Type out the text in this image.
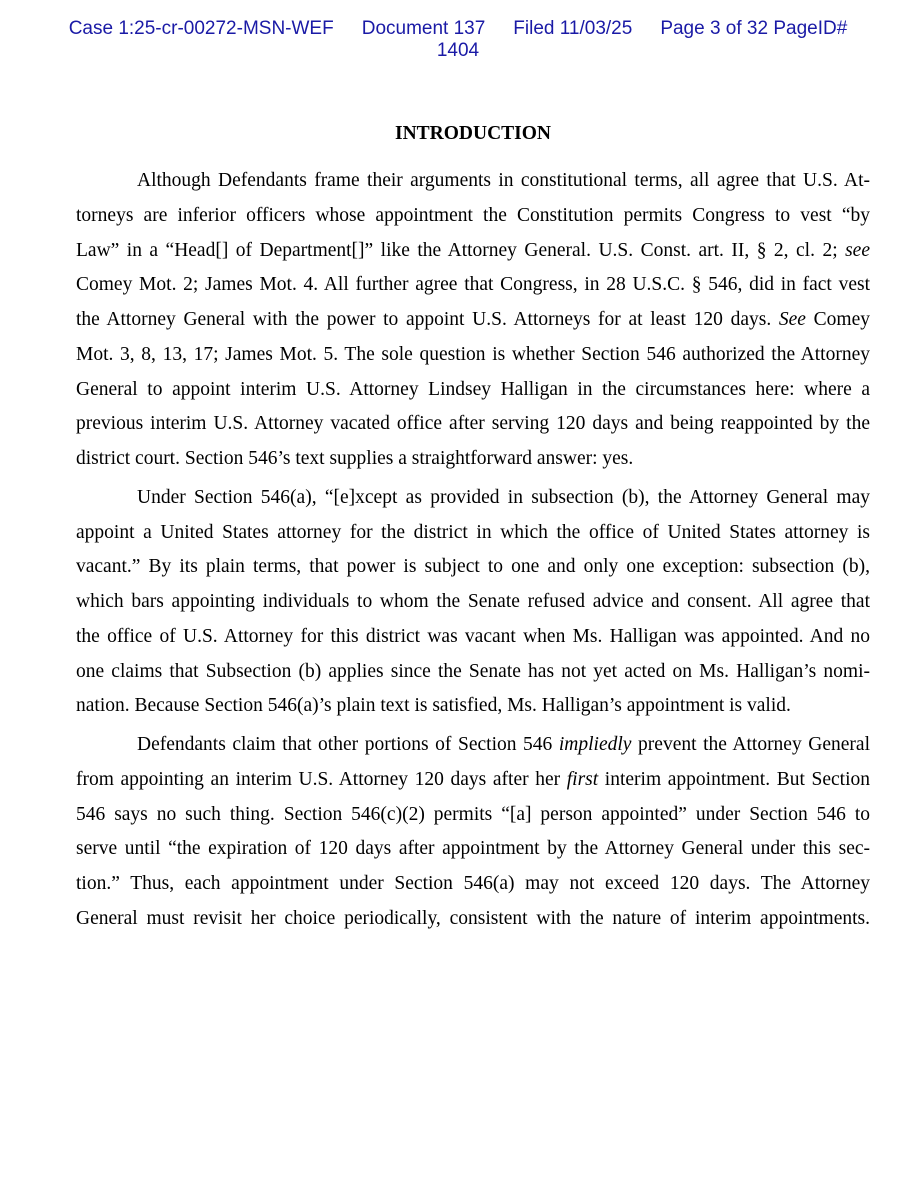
Case 1:25-cr-00272-MSN-WEF Document 137 Filed 11/03/25 Page 3 of 32 PageID#
1404
INTRODUCTION
Although Defendants frame their arguments in constitutional terms, all agree that U.S. At-
torneys are inferior officers whose appointment the Constitution permits Congress to vest “by
Law” in a “Head[] of Department[]” like the Attorney General. U.S. Const. art. II, § 2, cl. 2; see
Comey Mot. 2; James Mot. 4. All further agree that Congress, in 28 U.S.C. § 546, did in fact vest
the Attorney General with the power to appoint U.S. Attorneys for at least 120 days. See Comey
Mot. 3, 8, 13, 17; James Mot. 5. The sole question is whether Section 546 authorized the Attorney
General to appoint interim U.S. Attorney Lindsey Halligan in the circumstances here: where a
previous interim U.S. Attorney vacated office after serving 120 days and being reappointed by the
district court. Section 546’s text supplies a straightforward answer: yes.
Under Section 546(a), “[e]xcept as provided in subsection (b), the Attorney General may
appoint a United States attorney for the district in which the office of United States attorney is
vacant.” By its plain terms, that power is subject to one and only one exception: subsection (b),
which bars appointing individuals to whom the Senate refused advice and consent. All agree that
the office of U.S. Attorney for this district was vacant when Ms. Halligan was appointed. And no
one claims that Subsection (b) applies since the Senate has not yet acted on Ms. Halligan’s nomi-
nation. Because Section 546(a)’s plain text is satisfied, Ms. Halligan’s appointment is valid.
Defendants claim that other portions of Section 546 impliedly prevent the Attorney General
from appointing an interim U.S. Attorney 120 days after her first interim appointment. But Section
546 says no such thing. Section 546(c)(2) permits “[a] person appointed” under Section 546 to
serve until “the expiration of 120 days after appointment by the Attorney General under this sec-
tion.” Thus, each appointment under Section 546(a) may not exceed 120 days. The Attorney
General must revisit her choice periodically, consistent with the nature of interim appointments.
